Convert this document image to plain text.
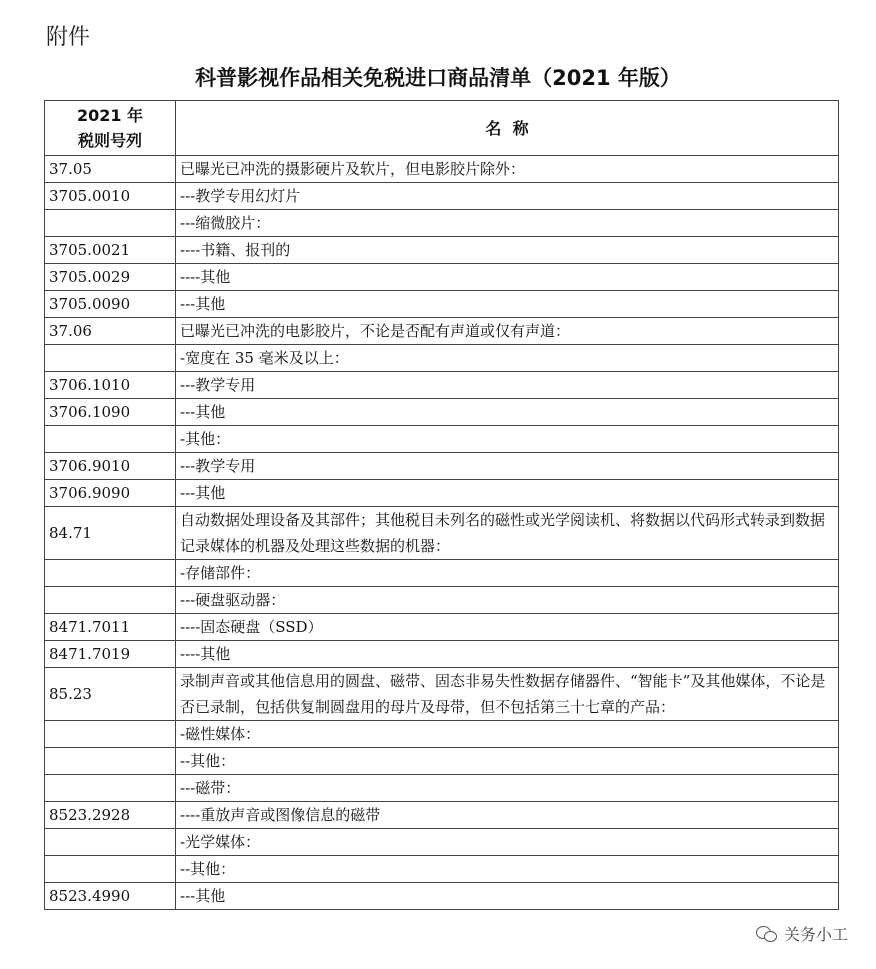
附件
科普影视作品相关免税进口商品清单（2021 年版）
2021 年
税则号列	名  称
37.05	已曝光已冲洗的摄影硬片及软片，但电影胶片除外：
3705.0010	---教学专用幻灯片
	---缩微胶片：
3705.0021	----书籍、报刊的
3705.0029	----其他
3705.0090	---其他
37.06	已曝光已冲洗的电影胶片，不论是否配有声道或仅有声道：
	-宽度在 35 毫米及以上：
3706.1010	---教学专用
3706.1090	---其他
	-其他：
3706.9010	---教学专用
3706.9090	---其他
84.71	自动数据处理设备及其部件；其他税目未列名的磁性或光学阅读机、将数据以代码形式转录到数据记录媒体的机器及处理这些数据的机器：
	-存储部件：
	---硬盘驱动器：
8471.7011	----固态硬盘（SSD）
8471.7019	----其他
85.23	录制声音或其他信息用的圆盘、磁带、固态非易失性数据存储器件、“智能卡”及其他媒体，不论是否已录制，包括供复制圆盘用的母片及母带，但不包括第三十七章的产品：
	-磁性媒体：
	--其他：
	---磁带：
8523.2928	----重放声音或图像信息的磁带
	-光学媒体：
	--其他：
8523.4990	---其他
关务小工
